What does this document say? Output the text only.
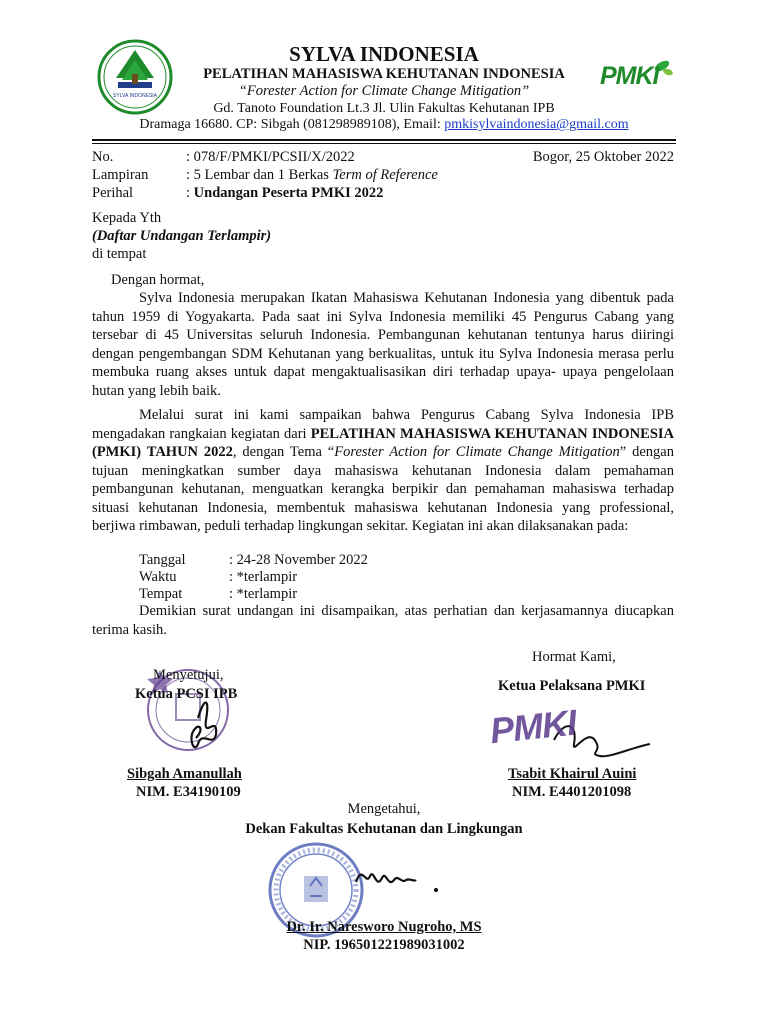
SYLVA INDONESIA
PMKI
SYLVA INDONESIA
PELATIHAN MAHASISWA KEHUTANAN INDONESIA
“Forester Action for Climate Change Mitigation”
Gd. Tanoto Foundation Lt.3 Jl. Ulin Fakultas Kehutanan IPB
Dramaga 16680. CP: Sibgah (081298989108), Email: pmkisylvaindonesia@gmail.com
No.	: 078/F/PMKI/PCSII/X/2022	Bogor, 25 Oktober 2022
Lampiran	: 5 Lembar dan 1 Berkas Term of Reference
Perihal	: Undangan Peserta PMKI 2022
Kepada Yth
(Daftar Undangan Terlampir)
di tempat
Dengan hormat,
Sylva Indonesia merupakan Ikatan Mahasiswa Kehutanan Indonesia yang dibentuk pada tahun 1959 di Yogyakarta. Pada saat ini Sylva Indonesia memiliki 45 Pengurus Cabang yang tersebar di 45 Universitas seluruh Indonesia. Pembangunan kehutanan tentunya harus diiringi dengan pengembangan SDM Kehutanan yang berkualitas, untuk itu Sylva Indonesia merasa perlu membuka ruang akses untuk dapat mengaktualisasikan diri terhadap upaya- upaya pengelolaan hutan yang lebih baik.
Melalui surat ini kami sampaikan bahwa Pengurus Cabang Sylva Indonesia IPB mengadakan rangkaian kegiatan dari PELATIHAN MAHASISWA KEHUTANAN INDONESIA (PMKI) TAHUN 2022, dengan Tema “Forester Action for Climate Change Mitigation” dengan tujuan meningkatkan sumber daya mahasiswa kehutanan Indonesia dalam pemahaman pembangunan kehutanan, menguatkan kerangka berpikir dan pemahaman mahasiswa terhadap situasi kehutanan Indonesia, membentuk mahasiswa kehutanan Indonesia yang professional, berjiwa rimbawan, peduli terhadap lingkungan sekitar. Kegiatan ini akan dilaksanakan pada:
Tanggal	: 24-28 November 2022
Waktu	: *terlampir
Tempat	: *terlampir
Demikian surat undangan ini disampaikan, atas perhatian dan kerjasamannya diucapkan terima kasih.
Hormat Kami,
Menyetujui,
Ketua PCSI IPB
Sibgah Amanullah
NIM. E34190109
Ketua Pelaksana PMKI
PMKI
Tsabit Khairul Auini
NIM. E4401201098
Mengetahui,
Dekan Fakultas Kehutanan dan Lingkungan
Dr. Ir. Naresworo Nugroho, MS
NIP. 196501221989031002
